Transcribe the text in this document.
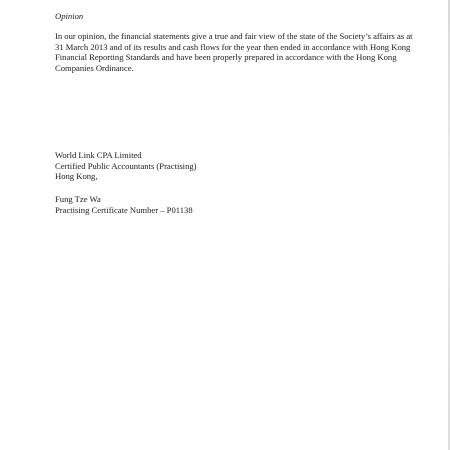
Opinion
In our opinion, the financial statements give a true and fair view of the state of the Society’s affairs as at
31 March 2013 and of its results and cash flows for the year then ended in accordance with Hong Kong
Financial Reporting Standards and have been properly prepared in accordance with the Hong Kong
Companies Ordinance.
World Link CPA Limited
Certified Public Accountants (Practising)
Hong Kong,
Fung Tze Wa
Practising Certificate Number – P01138
